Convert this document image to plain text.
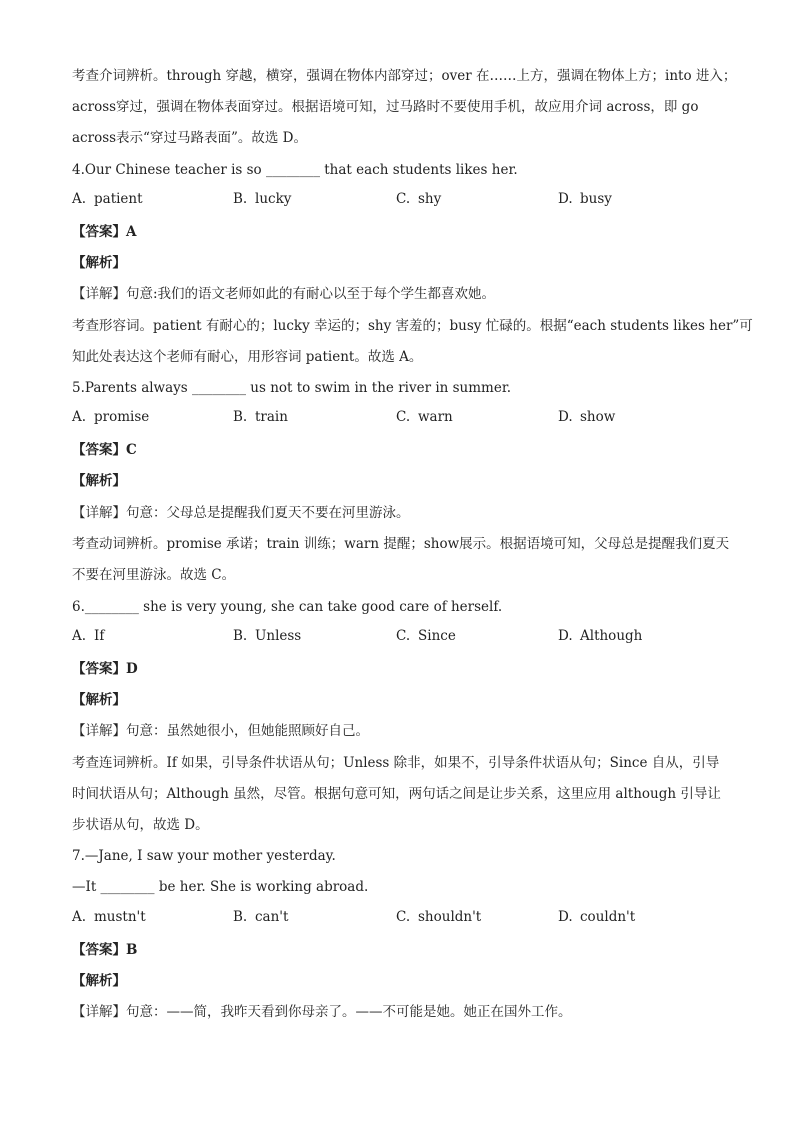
考查介词辨析。through 穿越，横穿，强调在物体内部穿过；over 在……上方，强调在物体上方；into 进入；
across穿过，强调在物体表面穿过。根据语境可知，过马路时不要使用手机，故应用介词 across，即 go
across表示“穿过马路表面”。故选 D。
4.Our Chinese teacher is so ________ that each students likes her.
A. patient	B. lucky	C. shy	D. busy
【答案】A
【解析】
【详解】句意:我们的语文老师如此的有耐心以至于每个学生都喜欢她。
考查形容词。patient 有耐心的；lucky 幸运的；shy 害羞的；busy 忙碌的。根据“each students likes her”可
知此处表达这个老师有耐心，用形容词 patient。故选 A。
5.Parents always ________ us not to swim in the river in summer.
A. promise	B. train	C. warn	D. show
【答案】C
【解析】
【详解】句意：父母总是提醒我们夏天不要在河里游泳。
考查动词辨析。promise 承诺；train 训练；warn 提醒；show展示。根据语境可知，父母总是提醒我们夏天
不要在河里游泳。故选 C。
6.________ she is very young, she can take good care of herself.
A. If	B. Unless	C. Since	D. Although
【答案】D
【解析】
【详解】句意：虽然她很小，但她能照顾好自己。
考查连词辨析。If 如果，引导条件状语从句；Unless 除非，如果不，引导条件状语从句；Since 自从，引导
时间状语从句；Although 虽然，尽管。根据句意可知，两句话之间是让步关系，这里应用 although 引导让
步状语从句，故选 D。
7.—Jane, I saw your mother yesterday.
—It ________ be her. She is working abroad.
A. mustn't	B. can't	C. shouldn't	D. couldn't
【答案】B
【解析】
【详解】句意：——简，我昨天看到你母亲了。——不可能是她。她正在国外工作。
